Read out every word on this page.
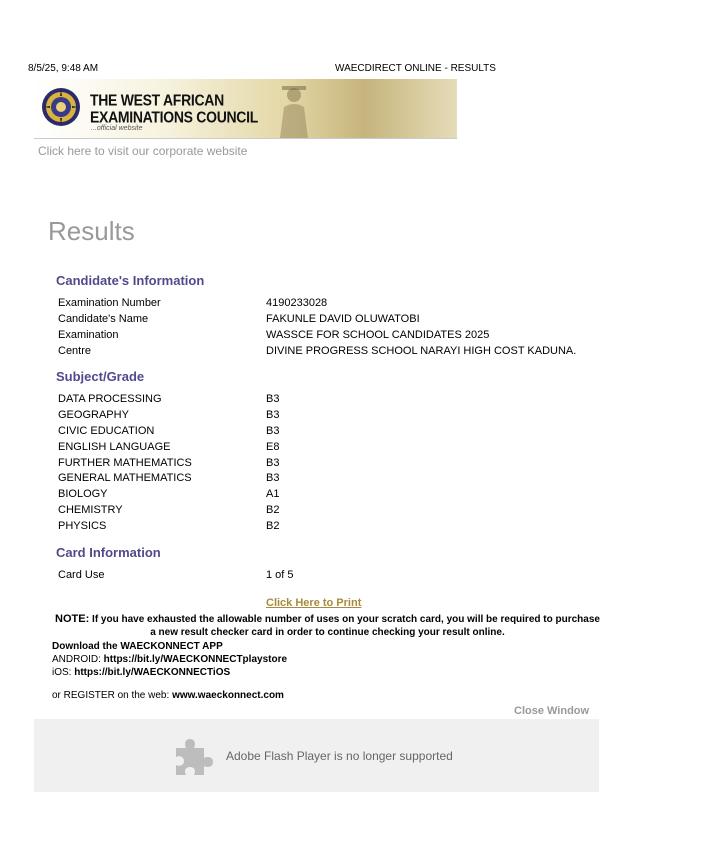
8/5/25, 9:48 AM	WAECDIRECT ONLINE - RESULTS
THE WEST AFRICAN
EXAMINATIONS COUNCIL
...official website
Click here to visit our corporate website
Results
Candidate's Information
Examination Number	4190233028
Candidate's Name	FAKUNLE DAVID OLUWATOBI
Examination	WASSCE FOR SCHOOL CANDIDATES 2025
Centre	DIVINE PROGRESS SCHOOL NARAYI HIGH COST KADUNA.
Subject/Grade
DATA PROCESSING	B3
GEOGRAPHY	B3
CIVIC EDUCATION	B3
ENGLISH LANGUAGE	E8
FURTHER MATHEMATICS	B3
GENERAL MATHEMATICS	B3
BIOLOGY	A1
CHEMISTRY	B2
PHYSICS	B2
Card Information
Card Use	1 of 5
Click Here to Print
NOTE: If you have exhausted the allowable number of uses on your scratch card, you will be required to purchase a new result checker card in order to continue checking your result online.
Download the WAECKONNECT APP
ANDROID: https://bit.ly/WAECKONNECTplaystore
iOS: https://bit.ly/WAECKONNECTiOS
or REGISTER on the web: www.waeckonnect.com
Close Window
Adobe Flash Player is no longer supported
